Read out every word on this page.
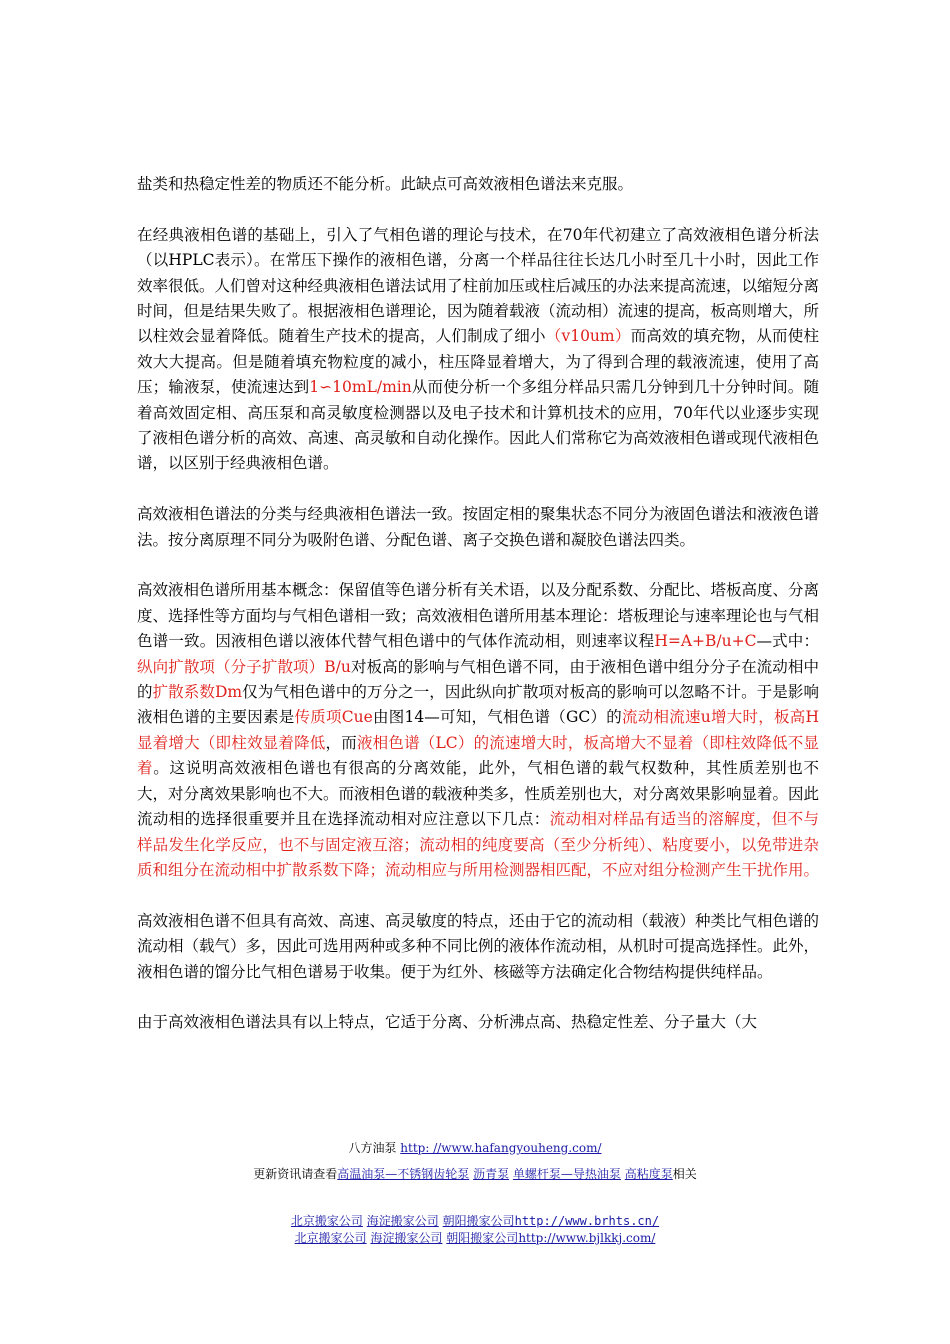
盐类和热稳定性差的物质还不能分析。此缺点可高效液相色谱法来克服。

在经典液相色谱的基础上，引入了气相色谱的理论与技术，在70年代初建立了高效液相色谱分析法（以HPLC表示）。在常压下操作的液相色谱，分离一个样品往往长达几小时至几十小时，因此工作效率很低。人们曾对这种经典液相色谱法试用了柱前加压或柱后减压的办法来提高流速，以缩短分离时间，但是结果失败了。根据液相色谱理论，因为随着载液（流动相）流速的提高，板高则增大，所以柱效会显着降低。随着生产技术的提高，人们制成了细小（v10um）而高效的填充物，从而使柱效大大提高。但是随着填充物粒度的减小，柱压降显着增大，为了得到合理的载液流速，使用了高压；输液泵，使流速达到1∽10mL/min从而使分析一个多组分样品只需几分钟到几十分钟时间。随着高效固定相、高压泵和高灵敏度检测器以及电子技术和计算机技术的应用，70年代以业逐步实现了液相色谱分析的高效、高速、高灵敏和自动化操作。因此人们常称它为高效液相色谱或现代液相色谱，以区别于经典液相色谱。

高效液相色谱法的分类与经典液相色谱法一致。按固定相的聚集状态不同分为液固色谱法和液液色谱法。按分离原理不同分为吸附色谱、分配色谱、离子交换色谱和凝胶色谱法四类。

高效液相色谱所用基本概念：保留值等色谱分析有关术语，以及分配系数、分配比、塔板高度、分离度、选择性等方面均与气相色谱相一致；高效液相色谱所用基本理论：塔板理论与速率理论也与气相色谱一致。因液相色谱以液体代替气相色谱中的气体作流动相，则速率议程H=A+B/u+C—式中：纵向扩散项（分子扩散项）B/u对板高的影响与气相色谱不同，由于液相色谱中组分分子在流动相中的扩散系数Dm仅为气相色谱中的万分之一，因此纵向扩散项对板高的影响可以忽略不计。于是影响液相色谱的主要因素是传质项Cue由图14—可知，气相色谱（GC）的流动相流速u增大时，板高H显着增大（即柱效显着降低，而液相色谱（LC）的流速增大时，板高增大不显着（即柱效降低不显着。这说明高效液相色谱也有很高的分离效能，此外，气相色谱的载气权数种，其性质差别也不大，对分离效果影响也不大。而液相色谱的载液种类多，性质差别也大，对分离效果影响显着。因此流动相的选择很重要并且在选择流动相对应注意以下几点：流动相对样品有适当的溶解度，但不与样品发生化学反应，也不与固定液互溶；流动相的纯度要高（至少分析纯）、粘度要小，以免带进杂质和组分在流动相中扩散系数下降；流动相应与所用检测器相匹配，不应对组分检测产生干扰作用。

高效液相色谱不但具有高效、高速、高灵敏度的特点，还由于它的流动相（载液）种类比气相色谱的流动相（载气）多，因此可选用两种或多种不同比例的液体作流动相，从机时可提高选择性。此外，液相色谱的馏分比气相色谱易于收集。便于为红外、核磁等方法确定化合物结构提供纯样品。

由于高效液相色谱法具有以上特点，它适于分离、分析沸点高、热稳定性差、分子量大（大

八方油泵 http: //www.hafangyouheng.com/
更新资讯请查看高温油泵—不锈钢齿轮泵 沥青泵 单螺杆泵—导热油泵 高粘度泵相关
北京搬家公司 海淀搬家公司 朝阳搬家公司http://www.brhts.cn/
北京搬家公司 海淀搬家公司 朝阳搬家公司http://www.bjlkkj.com/
